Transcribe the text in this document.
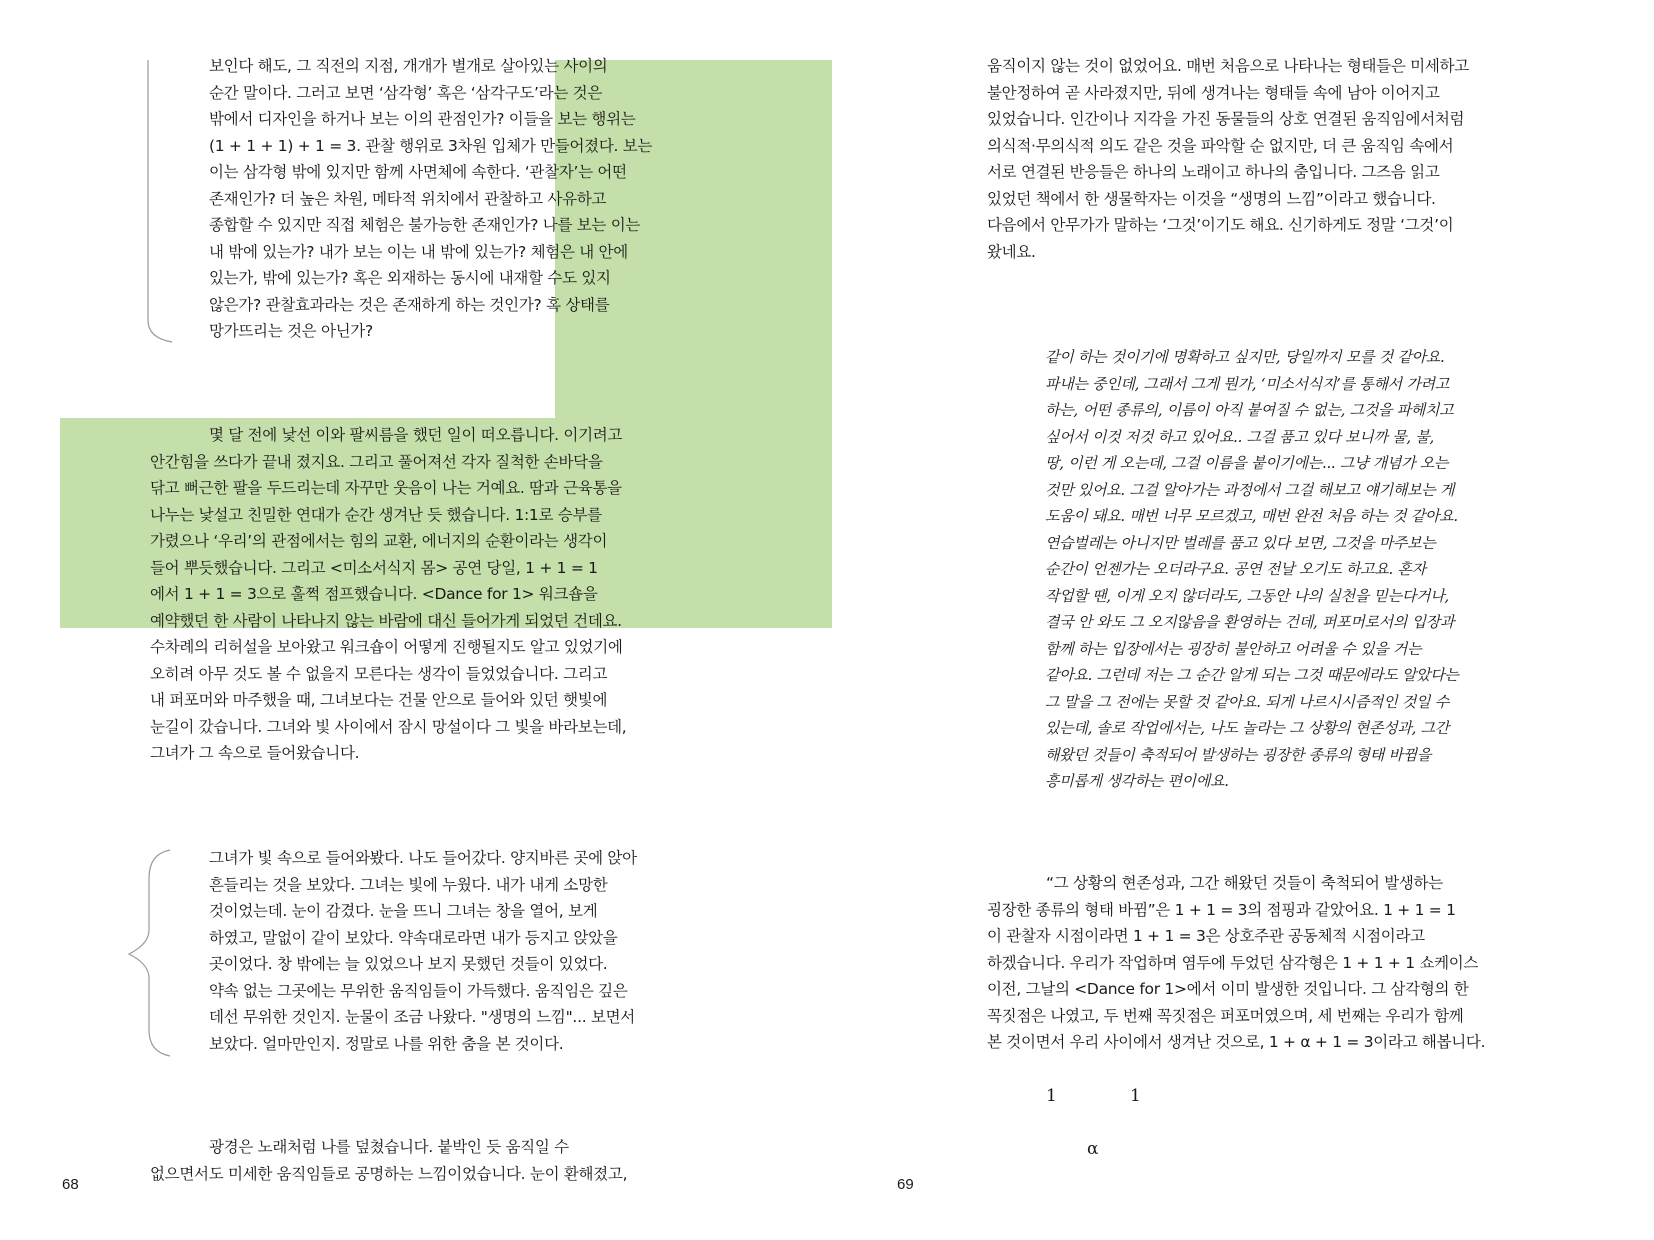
보인다 해도, 그 직전의 지점, 개개가 별개로 살아있는 사이의
순간 말이다. 그러고 보면 ‘삼각형’ 혹은 ‘삼각구도’라는 것은
밖에서 디자인을 하거나 보는 이의 관점인가? 이들을 보는 행위는
(1 + 1 + 1) + 1 = 3. 관찰 행위로 3차원 입체가 만들어졌다. 보는
이는 삼각형 밖에 있지만 함께 사면체에 속한다. ‘관찰자’는 어떤
존재인가? 더 높은 차원, 메타적 위치에서 관찰하고 사유하고
종합할 수 있지만 직접 체험은 불가능한 존재인가? 나를 보는 이는
내 밖에 있는가? 내가 보는 이는 내 밖에 있는가? 체험은 내 안에
있는가, 밖에 있는가? 혹은 외재하는 동시에 내재할 수도 있지
않은가? 관찰효과라는 것은 존재하게 하는 것인가? 혹 상태를
망가뜨리는 것은 아닌가?
몇 달 전에 낯선 이와 팔씨름을 했던 일이 떠오릅니다. 이기려고
안간힘을 쓰다가 끝내 졌지요. 그리고 풀어져선 각자 질척한 손바닥을
닦고 뻐근한 팔을 두드리는데 자꾸만 웃음이 나는 거예요. 땀과 근육통을
나누는 낯설고 친밀한 연대가 순간 생겨난 듯 했습니다. 1:1로 승부를
가렸으나 ‘우리’의 관점에서는 힘의 교환, 에너지의 순환이라는 생각이
들어 뿌듯했습니다. 그리고 <미소서식지 몸> 공연 당일, 1 + 1 = 1
에서 1 + 1 = 3으로 훌쩍 점프했습니다. <Dance for 1> 워크숍을
예약했던 한 사람이 나타나지 않는 바람에 대신 들어가게 되었던 건데요.
수차례의 리허설을 보아왔고 워크숍이 어떻게 진행될지도 알고 있었기에
오히려 아무 것도 볼 수 없을지 모른다는 생각이 들었었습니다. 그리고
내 퍼포머와 마주했을 때, 그녀보다는 건물 안으로 들어와 있던 햇빛에
눈길이 갔습니다. 그녀와 빛 사이에서 잠시 망설이다 그 빛을 바라보는데,
그녀가 그 속으로 들어왔습니다.
그녀가 빛 속으로 들어와봤다. 나도 들어갔다. 양지바른 곳에 앉아
흔들리는 것을 보았다. 그녀는 빛에 누웠다. 내가 내게 소망한
것이었는데. 눈이 감겼다. 눈을 뜨니 그녀는 창을 열어, 보게
하였고, 말없이 같이 보았다. 약속대로라면 내가 등지고 앉았을
곳이었다. 창 밖에는 늘 있었으나 보지 못했던 것들이 있었다.
약속 없는 그곳에는 무위한 움직임들이 가득했다. 움직임은 깊은
데선 무위한 것인지. 눈물이 조금 나왔다. "생명의 느낌"... 보면서
보았다. 얼마만인지. 정말로 나를 위한 춤을 본 것이다.
광경은 노래처럼 나를 덮쳤습니다. 붙박인 듯 움직일 수
없으면서도 미세한 움직임들로 공명하는 느낌이었습니다. 눈이 환해졌고,
68
움직이지 않는 것이 없었어요. 매번 처음으로 나타나는 형태들은 미세하고
불안정하여 곧 사라졌지만, 뒤에 생겨나는 형태들 속에 남아 이어지고
있었습니다. 인간이나 지각을 가진 동물들의 상호 연결된 움직임에서처럼
의식적·무의식적 의도 같은 것을 파악할 순 없지만, 더 큰 움직임 속에서
서로 연결된 반응들은 하나의 노래이고 하나의 춤입니다. 그즈음 읽고
있었던 책에서 한 생물학자는 이것을 “생명의 느낌”이라고 했습니다.
다음에서 안무가가 말하는 ‘그것’이기도 해요. 신기하게도 정말 ‘그것’이
왔네요.
같이 하는 것이기에 명확하고 싶지만, 당일까지 모를 것 같아요.
파내는 중인데, 그래서 그게 뭔가, ‘미소서식지’를 통해서 가려고
하는, 어떤 종류의, 이름이 아직 붙여질 수 없는, 그것을 파헤치고
싶어서 이것 저것 하고 있어요.. 그걸 품고 있다 보니까 물, 불,
땅, 이런 게 오는데, 그걸 이름을 붙이기에는... 그냥 개념가 오는
것만 있어요. 그걸 알아가는 과정에서 그걸 해보고 얘기해보는 게
도움이 돼요. 매번 너무 모르겠고, 매번 완전 처음 하는 것 같아요.
연습벌레는 아니지만 벌레를 품고 있다 보면, 그것을 마주보는
순간이 언젠가는 오더라구요. 공연 전날 오기도 하고요. 혼자
작업할 땐, 이게 오지 않더라도, 그동안 나의 실천을 믿는다거나,
결국 안 와도 그 오지않음을 환영하는 건데, 퍼포머로서의 입장과
함께 하는 입장에서는 굉장히 불안하고 어려울 수 있을 거는
같아요. 그런데 저는 그 순간 알게 되는 그것 때문에라도 알았다는
그 말을 그 전에는 못할 것 같아요. 되게 나르시시즘적인 것일 수
있는데, 솔로 작업에서는, 나도 놀라는 그 상황의 현존성과, 그간
해왔던 것들이 축적되어 발생하는 굉장한 종류의 형태 바뀜을
흥미롭게 생각하는 편이에요.
“그 상황의 현존성과, 그간 해왔던 것들이 축척되어 발생하는
굉장한 종류의 형태 바뀜”은 1 + 1 = 3의 점핑과 같았어요. 1 + 1 = 1
이 관찰자 시점이라면 1 + 1 = 3은 상호주관 공동체적 시점이라고
하겠습니다. 우리가 작업하며 염두에 두었던 삼각형은 1 + 1 + 1 쇼케이스
이전, 그날의 <Dance for 1>에서 이미 발생한 것입니다. 그 삼각형의 한
꼭짓점은 나였고, 두 번째 꼭짓점은 퍼포머였으며, 세 번째는 우리가 함께
본 것이면서 우리 사이에서 생겨난 것으로, 1 + α + 1 = 3이라고 해봅니다.
1	1
α
69
